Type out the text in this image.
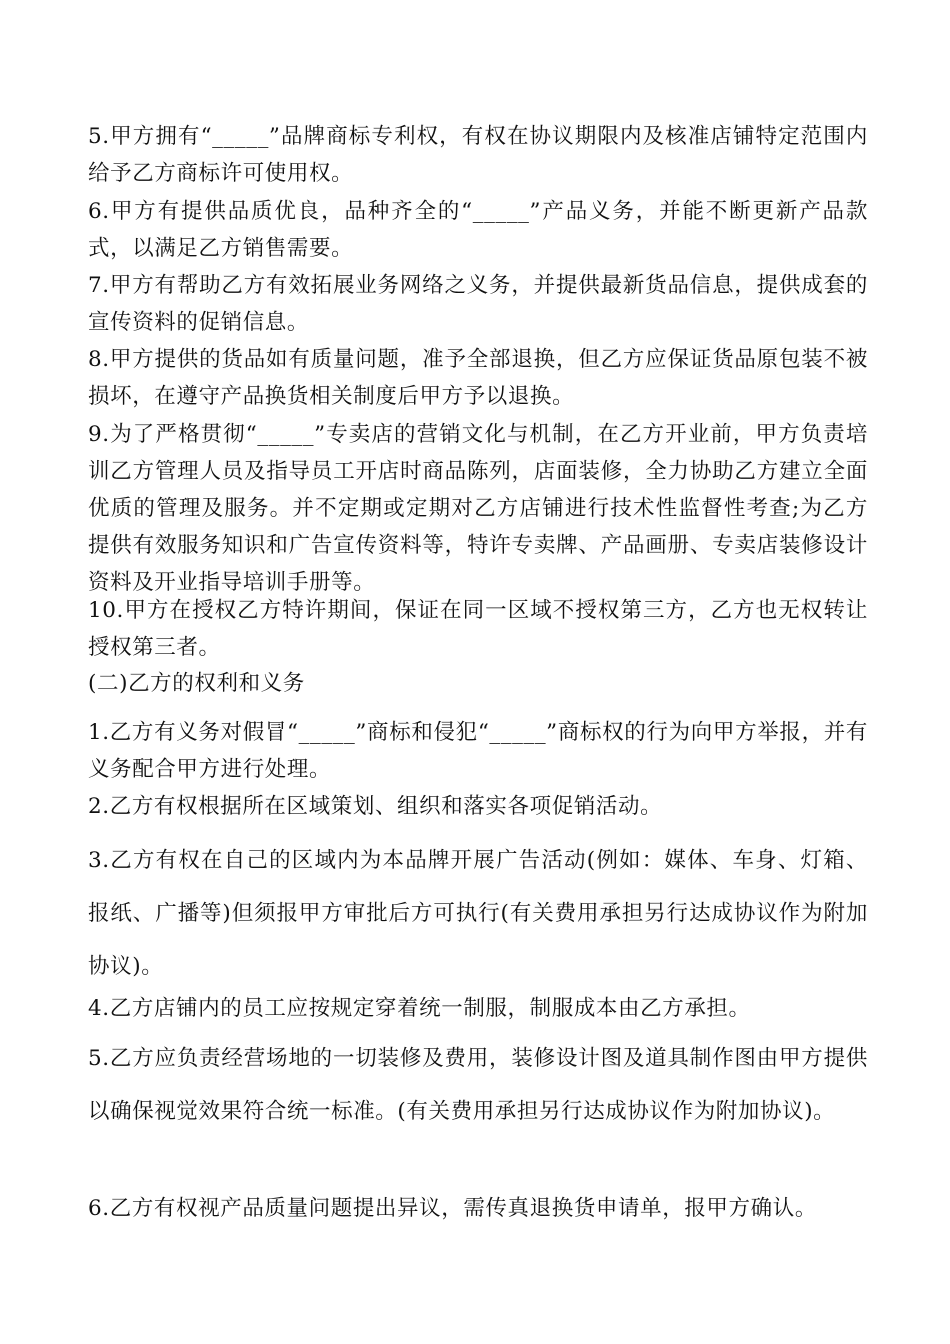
5.甲方拥有“_____”品牌商标专利权，有权在协议期限内及核准店铺特定范围内给予乙方商标许可使用权。

6.甲方有提供品质优良，品种齐全的“_____”产品义务，并能不断更新产品款式，以满足乙方销售需要。

7.甲方有帮助乙方有效拓展业务网络之义务，并提供最新货品信息，提供成套的宣传资料的促销信息。

8.甲方提供的货品如有质量问题，准予全部退换，但乙方应保证货品原包装不被损坏，在遵守产品换货相关制度后甲方予以退换。

9.为了严格贯彻“_____”专卖店的营销文化与机制，在乙方开业前，甲方负责培训乙方管理人员及指导员工开店时商品陈列，店面装修，全力协助乙方建立全面优质的管理及服务。并不定期或定期对乙方店铺进行技术性监督性考查;为乙方提供有效服务知识和广告宣传资料等，特许专卖牌、产品画册、专卖店装修设计资料及开业指导培训手册等。

10.甲方在授权乙方特许期间，保证在同一区域不授权第三方，乙方也无权转让授权第三者。

(二)乙方的权利和义务

1.乙方有义务对假冒“_____”商标和侵犯“_____”商标权的行为向甲方举报，并有义务配合甲方进行处理。

2.乙方有权根据所在区域策划、组织和落实各项促销活动。

3.乙方有权在自己的区域内为本品牌开展广告活动(例如：媒体、车身、灯箱、报纸、广播等)但须报甲方审批后方可执行(有关费用承担另行达成协议作为附加协议)。

4.乙方店铺内的员工应按规定穿着统一制服，制服成本由乙方承担。

5.乙方应负责经营场地的一切装修及费用，装修设计图及道具制作图由甲方提供以确保视觉效果符合统一标准。(有关费用承担另行达成协议作为附加协议)。

6.乙方有权视产品质量问题提出异议，需传真退换货申请单，报甲方确认。
